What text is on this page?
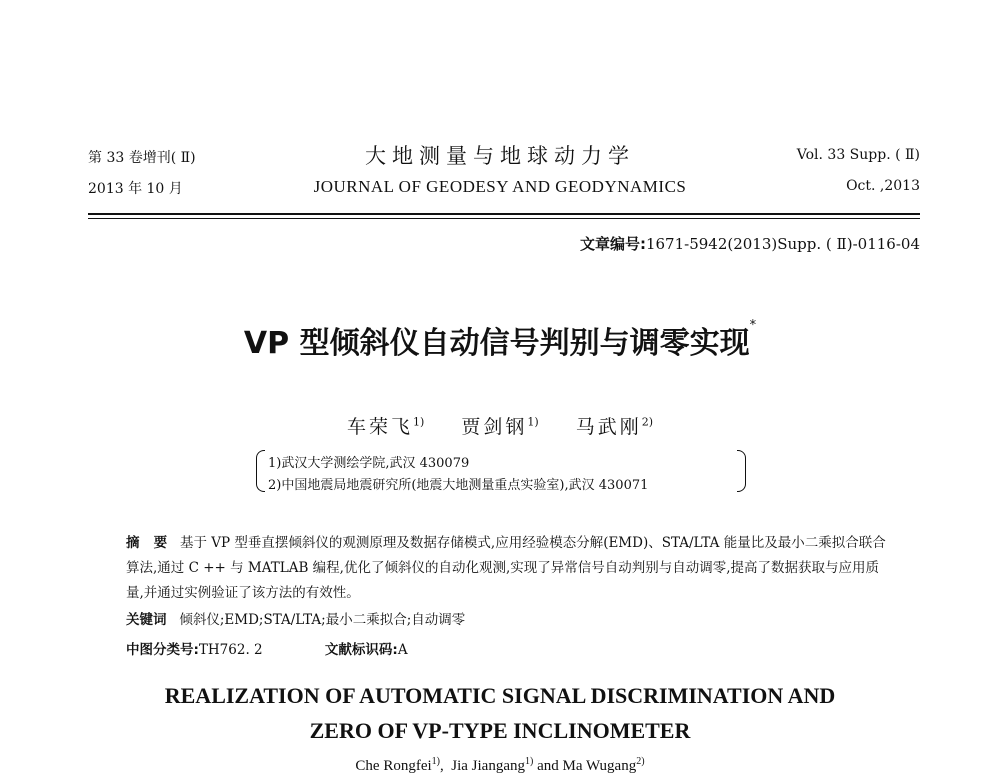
第 33 卷增刊( Ⅱ)
2013 年 10 月
大地测量与地球动力学
JOURNAL OF GEODESY AND GEODYNAMICS
Vol. 33 Supp. ( Ⅱ)
Oct. ,2013
文章编号:1671-5942(2013)Supp. ( Ⅱ)-0116-04
VP 型倾斜仪自动信号判别与调零实现*
车荣飞$^{1)}$ 贾剑钢$^{1)}$ 马武刚$^{2)}$
1)武汉大学测绘学院,武汉 430079
2)中国地震局地震研究所(地震大地测量重点实验室),武汉 430071
摘   要 基于 VP 型垂直摆倾斜仪的观测原理及数据存储模式,应用经验模态分解(EMD)、STA/LTA 能量比及最小二乘拟合联合算法,通过 C ++ 与 MATLAB 编程,优化了倾斜仪的自动化观测,实现了异常信号自动判别与自动调零,提高了数据获取与应用质量,并通过实例验证了该方法的有效性。
关键词 倾斜仪;EMD;STA/LTA;最小二乘拟合;自动调零
中图分类号:TH762. 2	文献标识码:A
REALIZATION OF AUTOMATIC SIGNAL DISCRIMINATION AND
ZERO OF VP-TYPE INCLINOMETER
Che Rongfei$^{1)}$,  Jia Jiangang$^{1)}$ and Ma Wugang$^{2)}$
